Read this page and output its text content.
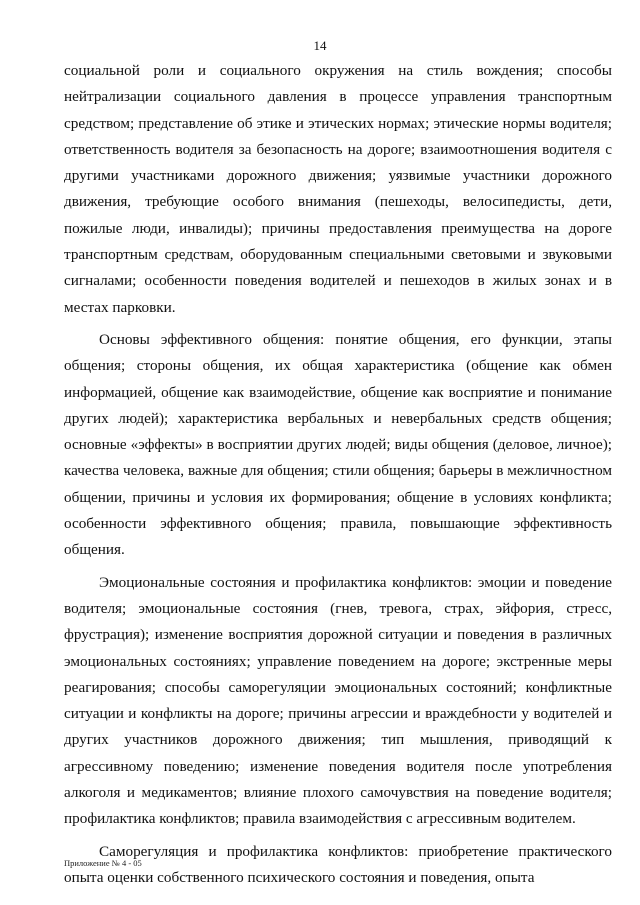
14

социальной роли и социального окружения на стиль вождения; способы нейтрализации социального давления в процессе управления транспортным средством; представление об этике и этических нормах; этические нормы водителя; ответственность водителя за безопасность на дороге; взаимоотношения водителя с другими участниками дорожного движения; уязвимые участники дорожного движения, требующие особого внимания (пешеходы, велосипедисты, дети, пожилые люди, инвалиды); причины предоставления преимущества на дороге транспортным средствам, оборудованным специальными световыми и звуковыми сигналами; особенности поведения водителей и пешеходов в жилых зонах и в местах парковки.

Основы эффективного общения: понятие общения, его функции, этапы общения; стороны общения, их общая характеристика (общение как обмен информацией, общение как взаимодействие, общение как восприятие и понимание других людей); характеристика вербальных и невербальных средств общения; основные «эффекты» в восприятии других людей; виды общения (деловое, личное); качества человека, важные для общения; стили общения; барьеры в межличностном общении, причины и условия их формирования; общение в условиях конфликта; особенности эффективного общения; правила, повышающие эффективность общения.

Эмоциональные состояния и профилактика конфликтов: эмоции и поведение водителя; эмоциональные состояния (гнев, тревога, страх, эйфория, стресс, фрустрация); изменение восприятия дорожной ситуации и поведения в различных эмоциональных состояниях; управление поведением на дороге; экстренные меры реагирования; способы саморегуляции эмоциональных состояний; конфликтные ситуации и конфликты на дороге; причины агрессии и враждебности у водителей и других участников дорожного движения; тип мышления, приводящий к агрессивному поведению; изменение поведения водителя после употребления алкоголя и медикаментов; влияние плохого самочувствия на поведение водителя; профилактика конфликтов; правила взаимодействия с агрессивным водителем.

Саморегуляция и профилактика конфликтов: приобретение практического опыта оценки собственного психического состояния и поведения, опыта

Приложение № 4 - 05
